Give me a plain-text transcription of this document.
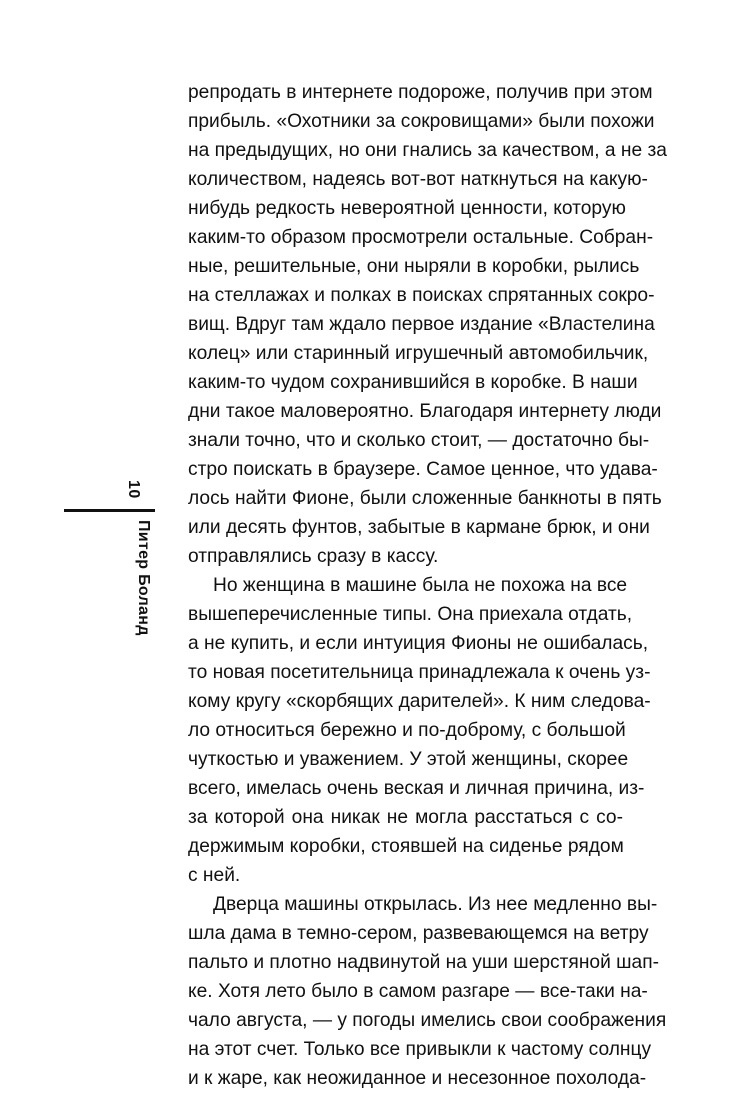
10
Питер Боланд
репродать в интернете подороже, получив при этом
прибыль. «Охотники за сокровищами» были похожи
на предыдущих, но они гнались за качеством, а не за
количеством, надеясь вот-вот наткнуться на какую-
нибудь редкость невероятной ценности, которую
каким-то образом просмотрели остальные. Собран-
ные, решительные, они ныряли в коробки, рылись
на стеллажах и полках в поисках спрятанных сокро-
вищ. Вдруг там ждало первое издание «Властелина
колец» или старинный игрушечный автомобильчик,
каким-то чудом сохранившийся в коробке. В наши
дни такое маловероятно. Благодаря интернету люди
знали точно, что и сколько стоит, — достаточно бы-
стро поискать в браузере. Самое ценное, что удава-
лось найти Фионе, были сложенные банкноты в пять
или десять фунтов, забытые в кармане брюк, и они
отправлялись сразу в кассу.
Но женщина в машине была не похожа на все
вышеперечисленные типы. Она приехала отдать,
а не купить, и если интуиция Фионы не ошибалась,
то новая посетительница принадлежала к очень уз-
кому кругу «скорбящих дарителей». К ним следова-
ло относиться бережно и по-доброму, с большой
чуткостью и уважением. У этой женщины, скорее
всего, имелась очень веская и личная причина, из-
за которой она никак не могла расстаться с со-
держимым коробки, стоявшей на сиденье рядом
с ней.
Дверца машины открылась. Из нее медленно вы-
шла дама в темно-сером, развевающемся на ветру
пальто и плотно надвинутой на уши шерстяной шап-
ке. Хотя лето было в самом разгаре — все-таки на-
чало августа, — у погоды имелись свои соображения
на этот счет. Только все привыкли к частому солнцу
и к жаре, как неожиданное и несезонное похолода-
